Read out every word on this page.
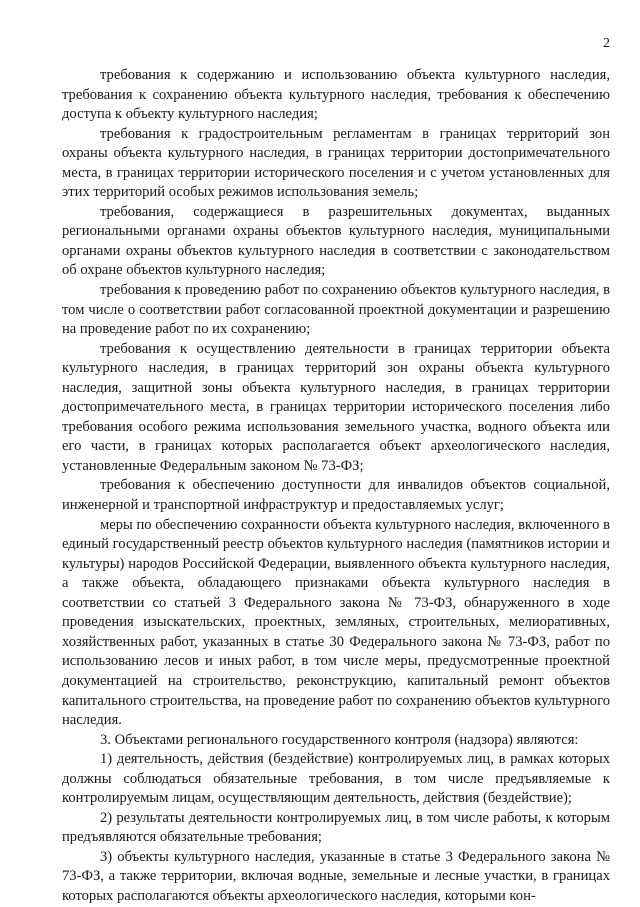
2

требования к содержанию и использованию объекта культурного наследия, требования к сохранению объекта культурного наследия, требования к обеспечению доступа к объекту культурного наследия;

требования к градостроительным регламентам в границах территорий зон охраны объекта культурного наследия, в границах территории достопримечательного места, в границах территории исторического поселения и с учетом установленных для этих территорий особых режимов использования земель;

требования, содержащиеся в разрешительных документах, выданных региональными органами охраны объектов культурного наследия, муниципальными органами охраны объектов культурного наследия в соответствии с законодательством об охране объектов культурного наследия;

требования к проведению работ по сохранению объектов культурного наследия, в том числе о соответствии работ согласованной проектной документации и разрешению на проведение работ по их сохранению;

требования к осуществлению деятельности в границах территории объекта культурного наследия, в границах территорий зон охраны объекта культурного наследия, защитной зоны объекта культурного наследия, в границах территории достопримечательного места, в границах территории исторического поселения либо требования особого режима использования земельного участка, водного объекта или его части, в границах которых располагается объект археологического наследия, установленные Федеральным законом № 73-ФЗ;

требования к обеспечению доступности для инвалидов объектов социальной, инженерной и транспортной инфраструктур и предоставляемых услуг;

меры по обеспечению сохранности объекта культурного наследия, включенного в единый государственный реестр объектов культурного наследия (памятников истории и культуры) народов Российской Федерации, выявленного объекта культурного наследия, а также объекта, обладающего признаками объекта культурного наследия в соответствии со статьей 3 Федерального закона № 73-ФЗ, обнаруженного в ходе проведения изыскательских, проектных, земляных, строительных, мелиоративных, хозяйственных работ, указанных в статье 30 Федерального закона № 73-ФЗ, работ по использованию лесов и иных работ, в том числе меры, предусмотренные проектной документацией на строительство, реконструкцию, капитальный ремонт объектов капитального строительства, на проведение работ по сохранению объектов культурного наследия.

3. Объектами регионального государственного контроля (надзора) являются:

1) деятельность, действия (бездействие) контролируемых лиц, в рамках которых должны соблюдаться обязательные требования, в том числе предъявляемые к контролируемым лицам, осуществляющим деятельность, действия (бездействие);

2) результаты деятельности контролируемых лиц, в том числе работы, к которым предъявляются обязательные требования;

3) объекты культурного наследия, указанные в статье 3 Федерального закона № 73-ФЗ, а также территории, включая водные, земельные и лесные участки, в границах которых располагаются объекты археологического наследия, которыми кон-
